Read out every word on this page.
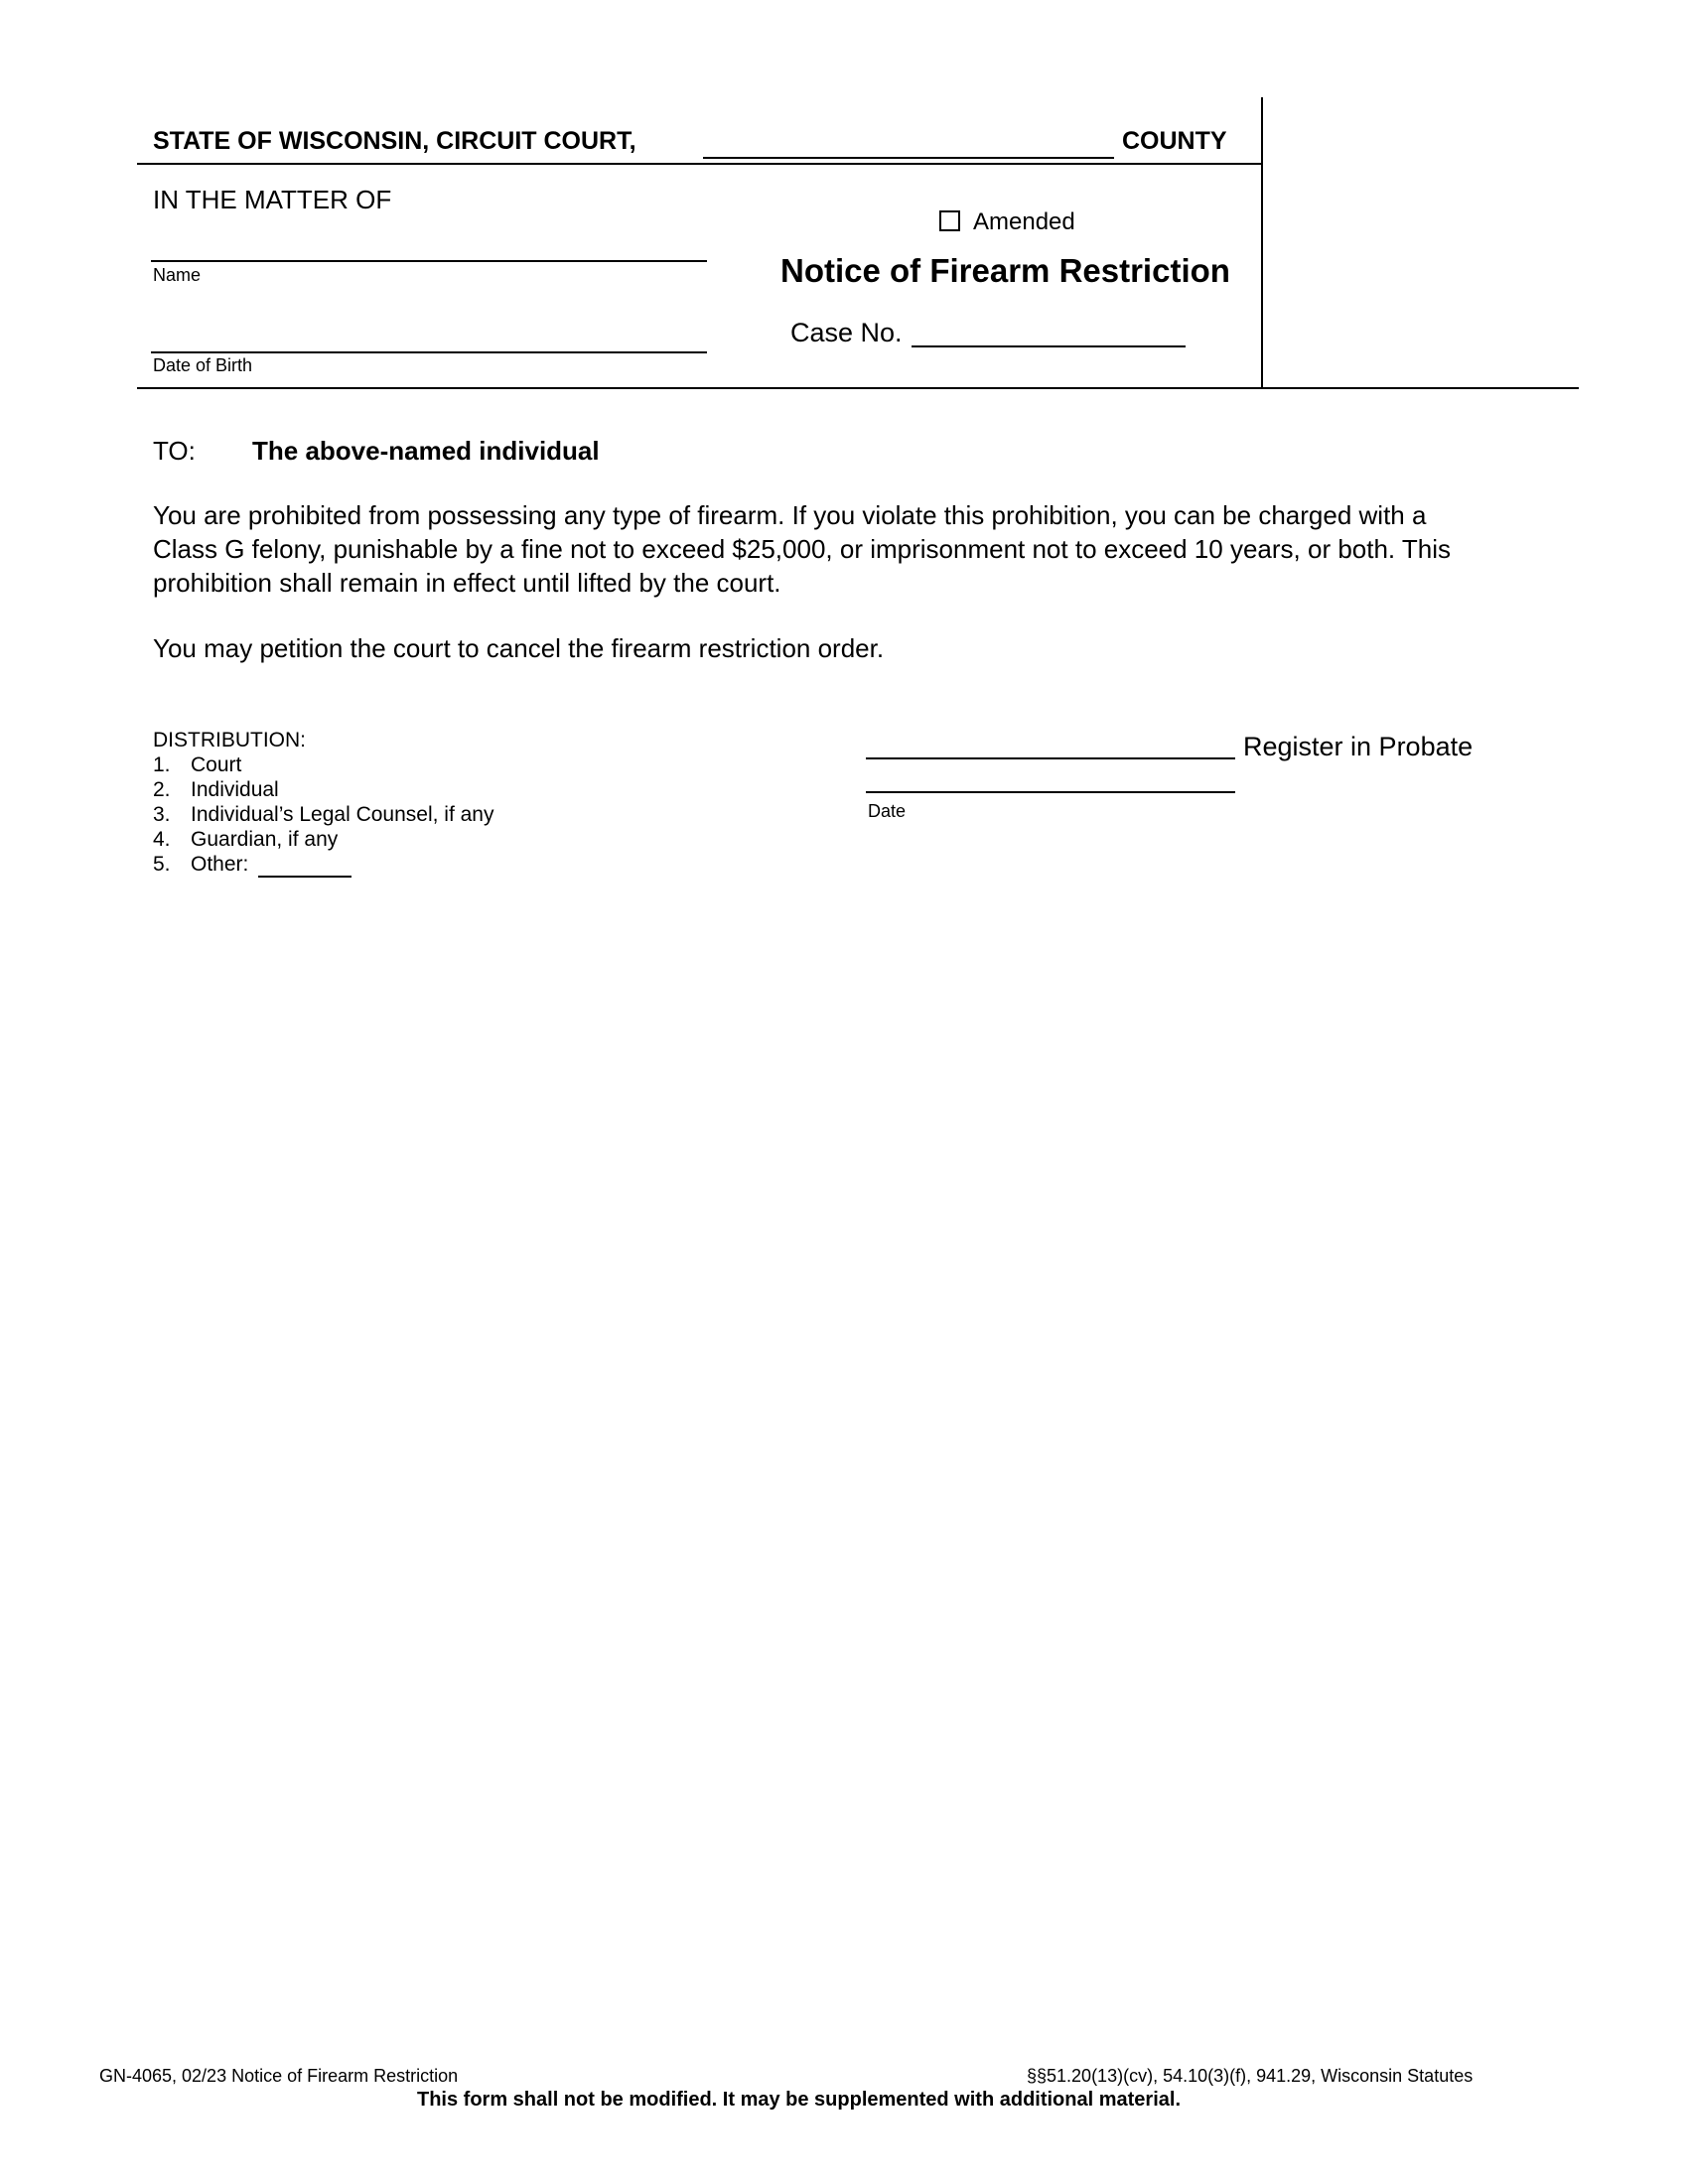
STATE OF WISCONSIN, CIRCUIT COURT,	COUNTY
IN THE MATTER OF
Name
Date of Birth
Amended
Notice of Firearm Restriction
Case No.
TO: The above-named individual
You are prohibited from possessing any type of firearm. If you violate this prohibition, you can be charged with a
Class G felony, punishable by a fine not to exceed $25,000, or imprisonment not to exceed 10 years, or both. This
prohibition shall remain in effect until lifted by the court.
You may petition the court to cancel the firearm restriction order.
DISTRIBUTION:
1. Court
2. Individual
3. Individual’s Legal Counsel, if any
4. Guardian, if any
5. Other:
Register in Probate
Date
GN-4065, 02/23 Notice of Firearm Restriction	§§51.20(13)(cv), 54.10(3)(f), 941.29, Wisconsin Statutes
This form shall not be modified. It may be supplemented with additional material.
